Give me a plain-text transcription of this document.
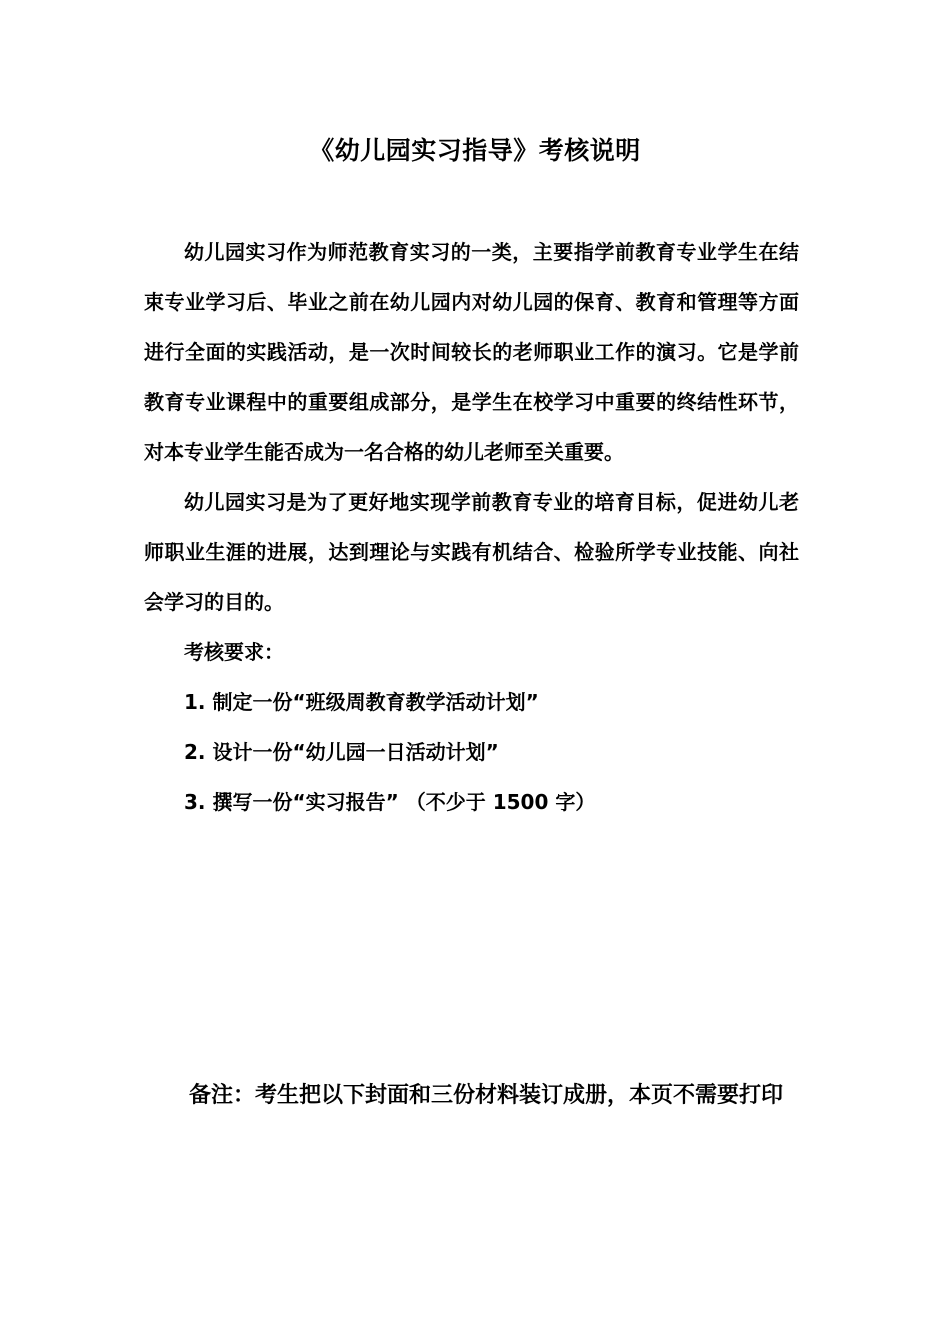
《幼儿园实习指导》考核说明

幼儿园实习作为师范教育实习的一类，主要指学前教育专业学生在结束专业学习后、毕业之前在幼儿园内对幼儿园的保育、教育和管理等方面进行全面的实践活动，是一次时间较长的老师职业工作的演习。它是学前教育专业课程中的重要组成部分，是学生在校学习中重要的终结性环节，对本专业学生能否成为一名合格的幼儿老师至关重要。

幼儿园实习是为了更好地实现学前教育专业的培育目标，促进幼儿老师职业生涯的进展，达到理论与实践有机结合、检验所学专业技能、向社会学习的目的。

考核要求：

1. 制定一份“班级周教育教学活动计划”

2. 设计一份“幼儿园一日活动计划”

3. 撰写一份“实习报告” （不少于 1500 字）

备注：考生把以下封面和三份材料装订成册，本页不需要打印
